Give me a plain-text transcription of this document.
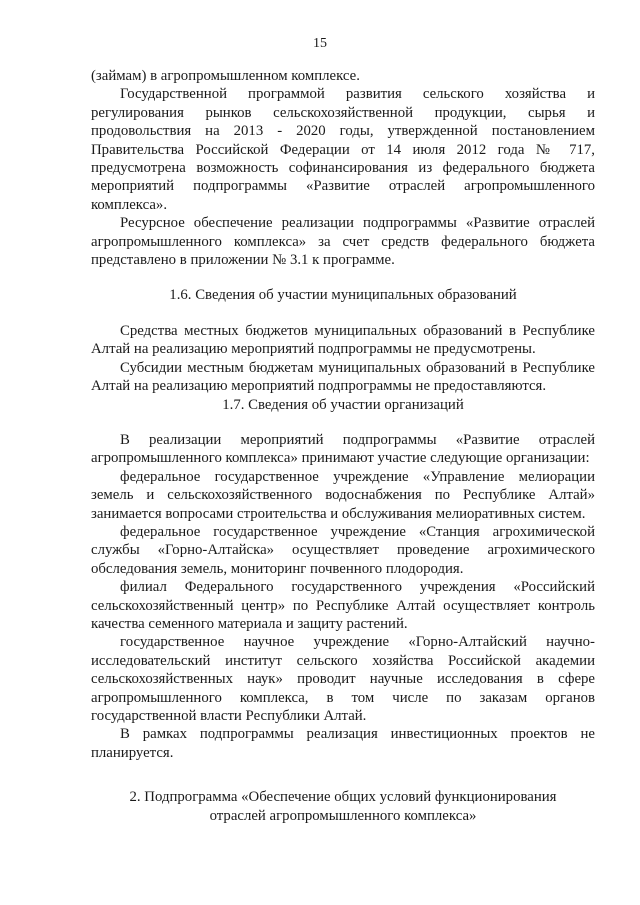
15

(займам) в агропромышленном комплексе.

Государственной программой развития сельского хозяйства и регулирования рынков сельскохозяйственной продукции, сырья и продовольствия на 2013 - 2020 годы, утвержденной постановлением Правительства Российской Федерации от 14 июля 2012 года № 717, предусмотрена возможность софинансирования из федерального бюджета мероприятий подпрограммы «Развитие отраслей агропромышленного комплекса».

Ресурсное обеспечение реализации подпрограммы «Развитие отраслей агропромышленного комплекса» за счет средств федерального бюджета представлено в приложении № 3.1 к программе.

1.6. Сведения об участии муниципальных образований

Средства местных бюджетов муниципальных образований в Республике Алтай на реализацию мероприятий подпрограммы не предусмотрены.

Субсидии местным бюджетам муниципальных образований в Республике Алтай на реализацию мероприятий подпрограммы не предоставляются.

1.7. Сведения об участии организаций

В реализации мероприятий подпрограммы «Развитие отраслей агропромышленного комплекса» принимают участие следующие организации:

федеральное государственное учреждение «Управление мелиорации земель и сельскохозяйственного водоснабжения по Республике Алтай» занимается вопросами строительства и обслуживания мелиоративных систем.

федеральное государственное учреждение «Станция агрохимической службы «Горно-Алтайска» осуществляет проведение агрохимического обследования земель, мониторинг почвенного плодородия.

филиал Федерального государственного учреждения «Российский сельскохозяйственный центр» по Республике Алтай осуществляет контроль качества семенного материала и защиту растений.

государственное научное учреждение «Горно-Алтайский научно-исследовательский институт сельского хозяйства Российской академии сельскохозяйственных наук» проводит научные исследования в сфере агропромышленного комплекса, в том числе по заказам органов государственной власти Республики Алтай.

В рамках подпрограммы реализация инвестиционных проектов не планируется.

2. Подпрограмма «Обеспечение общих условий функционирования
отраслей агропромышленного комплекса»
